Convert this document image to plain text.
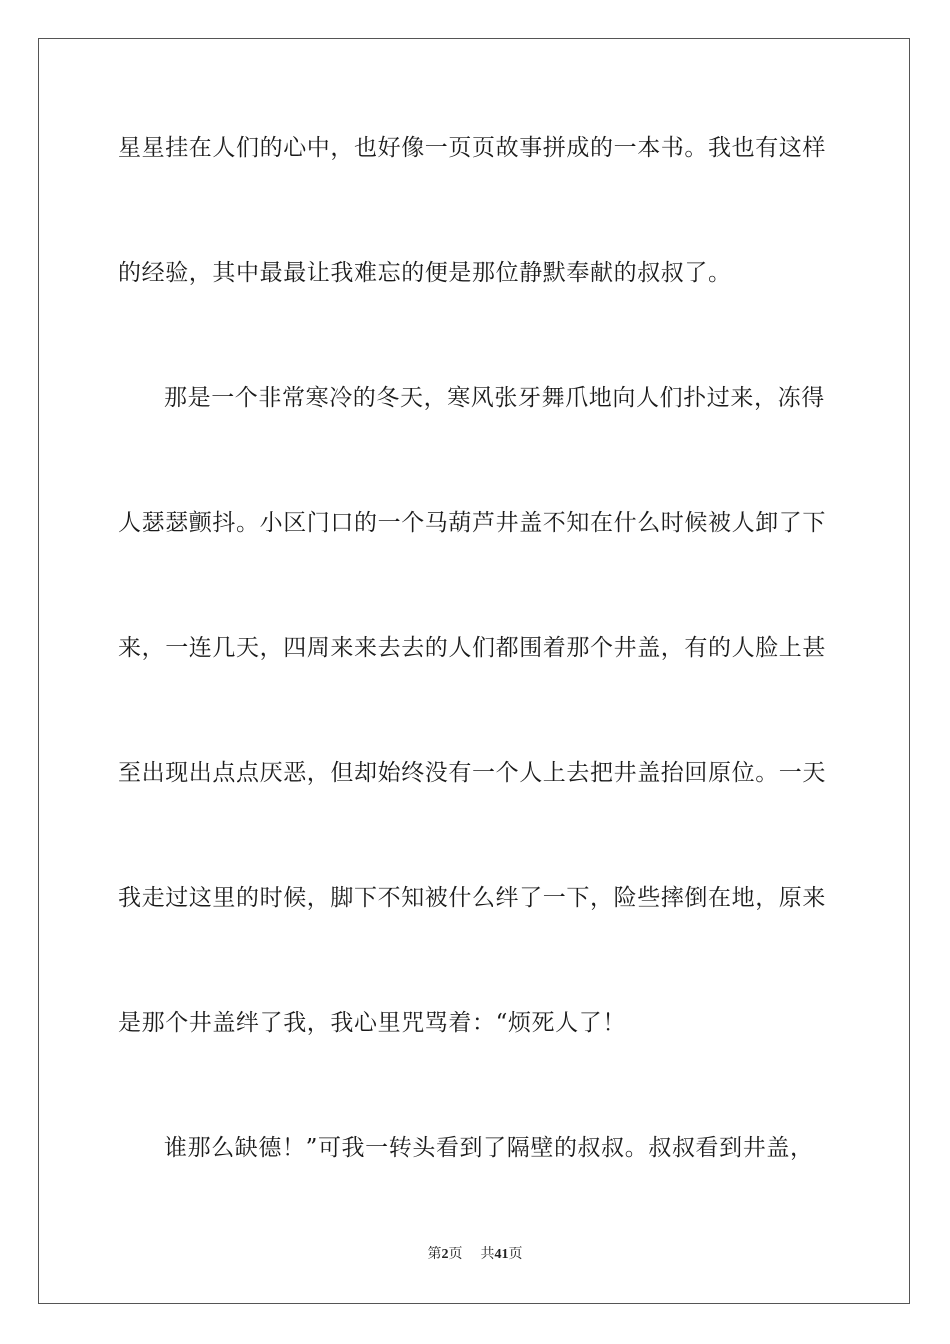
星星挂在人们的心中，也好像一页页故事拼成的一本书。我也有这样
的经验，其中最最让我难忘的便是那位静默奉献的叔叔了。
那是一个非常寒冷的冬天，寒风张牙舞爪地向人们扑过来，冻得
人瑟瑟颤抖。小区门口的一个马葫芦井盖不知在什么时候被人卸了下
来，一连几天，四周来来去去的人们都围着那个井盖，有的人脸上甚
至出现出点点厌恶，但却始终没有一个人上去把井盖抬回原位。一天
我走过这里的时候，脚下不知被什么绊了一下，险些摔倒在地，原来
是那个井盖绊了我，我心里咒骂着：“烦死人了！
谁那么缺德！”可我一转头看到了隔壁的叔叔。叔叔看到井盖，
第2页 共41页
